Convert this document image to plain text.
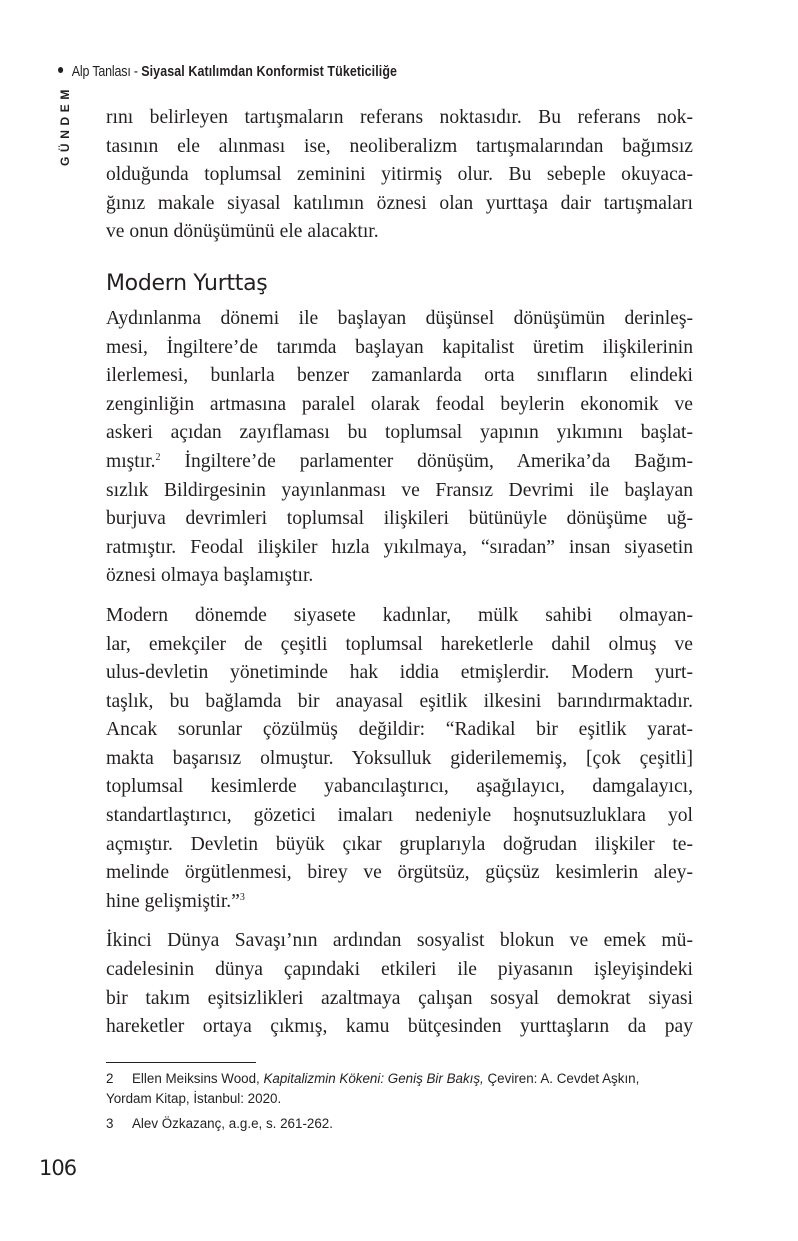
Alp Tanlası - Siyasal Katılımdan Konformist Tüketiciliğe
GÜNDEM rını belirleyen tartışmaların referans noktasıdır. Bu referans nok-
tasının ele alınması ise, neoliberalizm tartışmalarından bağımsız
olduğunda toplumsal zeminini yitirmiş olur. Bu sebeple okuyaca-
ğınız makale siyasal katılımın öznesi olan yurttaşa dair tartışmaları
ve onun dönüşümünü ele alacaktır.

Modern Yurttaş

Aydınlanma dönemi ile başlayan düşünsel dönüşümün derinleş-
mesi, İngiltere’de tarımda başlayan kapitalist üretim ilişkilerinin
ilerlemesi, bunlarla benzer zamanlarda orta sınıfların elindeki
zenginliğin artmasına paralel olarak feodal beylerin ekonomik ve
askeri açıdan zayıflaması bu toplumsal yapının yıkımını başlat-
mıştır.$^2$ İngiltere’de parlamenter dönüşüm, Amerika’da Bağım-
sızlık Bildirgesinin yayınlanması ve Fransız Devrimi ile başlayan
burjuva devrimleri toplumsal ilişkileri bütünüyle dönüşüme uğ-
ratmıştır. Feodal ilişkiler hızla yıkılmaya, “sıradan” insan siyasetin
öznesi olmaya başlamıştır.

Modern dönemde siyasete kadınlar, mülk sahibi olmayan-
lar, emekçiler de çeşitli toplumsal hareketlerle dahil olmuş ve
ulus-devletin yönetiminde hak iddia etmişlerdir. Modern yurt-
taşlık, bu bağlamda bir anayasal eşitlik ilkesini barındırmaktadır.
Ancak sorunlar çözülmüş değildir: “Radikal bir eşitlik yarat-
makta başarısız olmuştur. Yoksulluk giderilememiş, [çok çeşitli]
toplumsal kesimlerde yabancılaştırıcı, aşağılayıcı, damgalayıcı,
standartlaştırıcı, gözetici imaları nedeniyle hoşnutsuzluklara yol
açmıştır. Devletin büyük çıkar gruplarıyla doğrudan ilişkiler te-
melinde örgütlenmesi, birey ve örgütsüz, güçsüz kesimlerin aley-
hine gelişmiştir.”$^3$

İkinci Dünya Savaşı’nın ardından sosyalist blokun ve emek mü-
cadelesinin dünya çapındaki etkileri ile piyasanın işleyişindeki
bir takım eşitsizlikleri azaltmaya çalışan sosyal demokrat siyasi
hareketler ortaya çıkmış, kamu bütçesinden yurttaşların da pay

2 Ellen Meiksins Wood, Kapitalizmin Kökeni: Geniş Bir Bakış, Çeviren: A. Cevdet Aşkın,
Yordam Kitap, İstanbul: 2020.
3 Alev Özkazanç, a.g.e, s. 261-262.
106
